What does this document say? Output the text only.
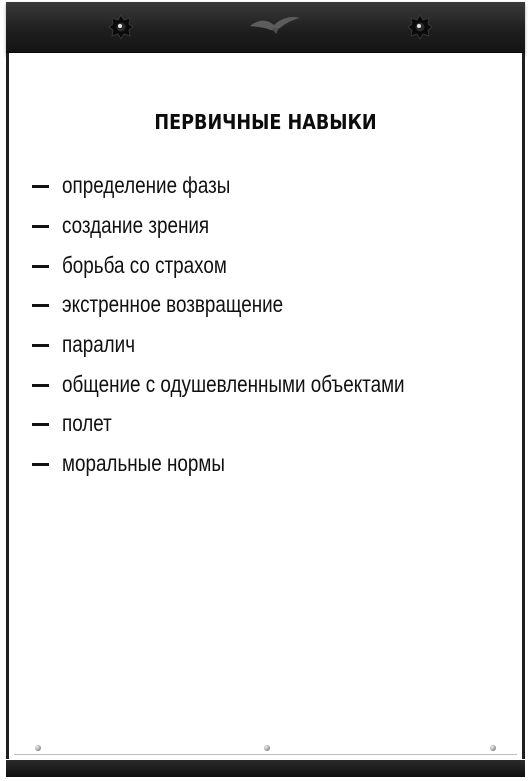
ПЕРВИЧНЫЕ НАВЫКИ
определение фазы
создание зрения
борьба со страхом
экстренное возвращение
паралич
общение с одушевленными объектами
полет
моральные нормы
